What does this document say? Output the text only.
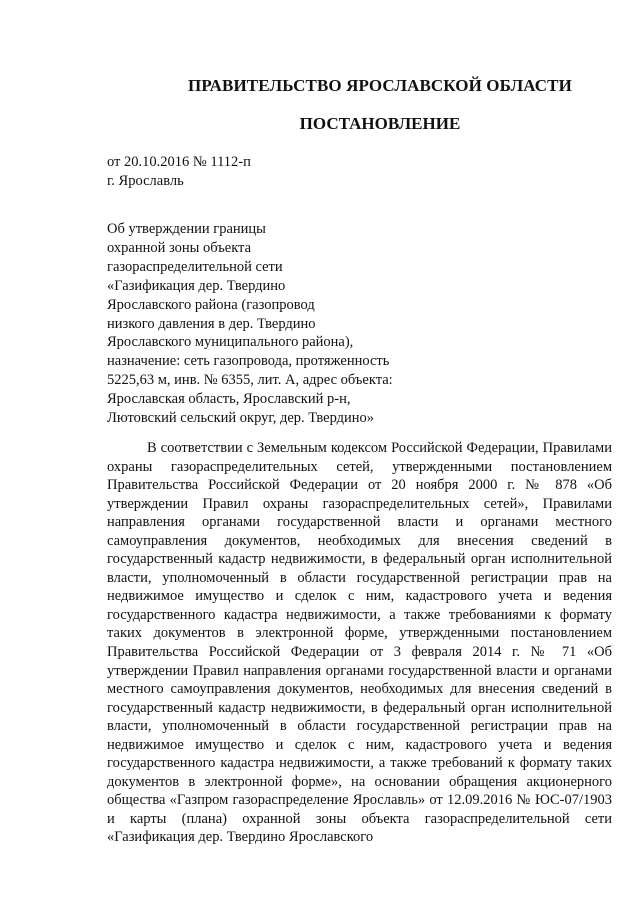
ПРАВИТЕЛЬСТВО ЯРОСЛАВСКОЙ ОБЛАСТИ
ПОСТАНОВЛЕНИЕ
от 20.10.2016 № 1112-п
г. Ярославль
Об утверждении границы
охранной зоны объекта
газораспределительной сети
«Газификация дер. Твердино
Ярославского района (газопровод
низкого давления в дер. Твердино
Ярославского муниципального района),
назначение: сеть газопровода, протяженность
5225,63 м, инв. № 6355, лит. А, адрес объекта:
Ярославская область, Ярославский р-н,
Лютовский сельский округ, дер. Твердино»

В соответствии с Земельным кодексом Российской Федерации, Правилами охраны газораспределительных сетей, утвержденными постановлением Правительства Российской Федерации от 20 ноября 2000 г. № 878 «Об утверждении Правил охраны газораспределительных сетей», Правилами направления органами государственной власти и органами местного самоуправления документов, необходимых для внесения сведений в государственный кадастр недвижимости, в федеральный орган исполнительной власти, уполномоченный в области государственной регистрации прав на недвижимое имущество и сделок с ним, кадастрового учета и ведения государственного кадастра недвижимости, а также требованиями к формату таких документов в электронной форме, утвержденными постановлением Правительства Российской Федерации от 3 февраля 2014 г. № 71 «Об утверждении Правил направления органами государственной власти и органами местного самоуправления документов, необходимых для внесения сведений в государственный кадастр недвижимости, в федеральный орган исполнительной власти, уполномоченный в области государственной регистрации прав на недвижимое имущество и сделок с ним, кадастрового учета и ведения государственного кадастра недвижимости, а также требований к формату таких документов в электронной форме», на основании обращения акционерного общества «Газпром газораспределение Ярославль» от 12.09.2016 № ЮС-07/1903 и карты (плана) охранной зоны объекта газораспределительной сети «Газификация дер. Твердино Ярославского
